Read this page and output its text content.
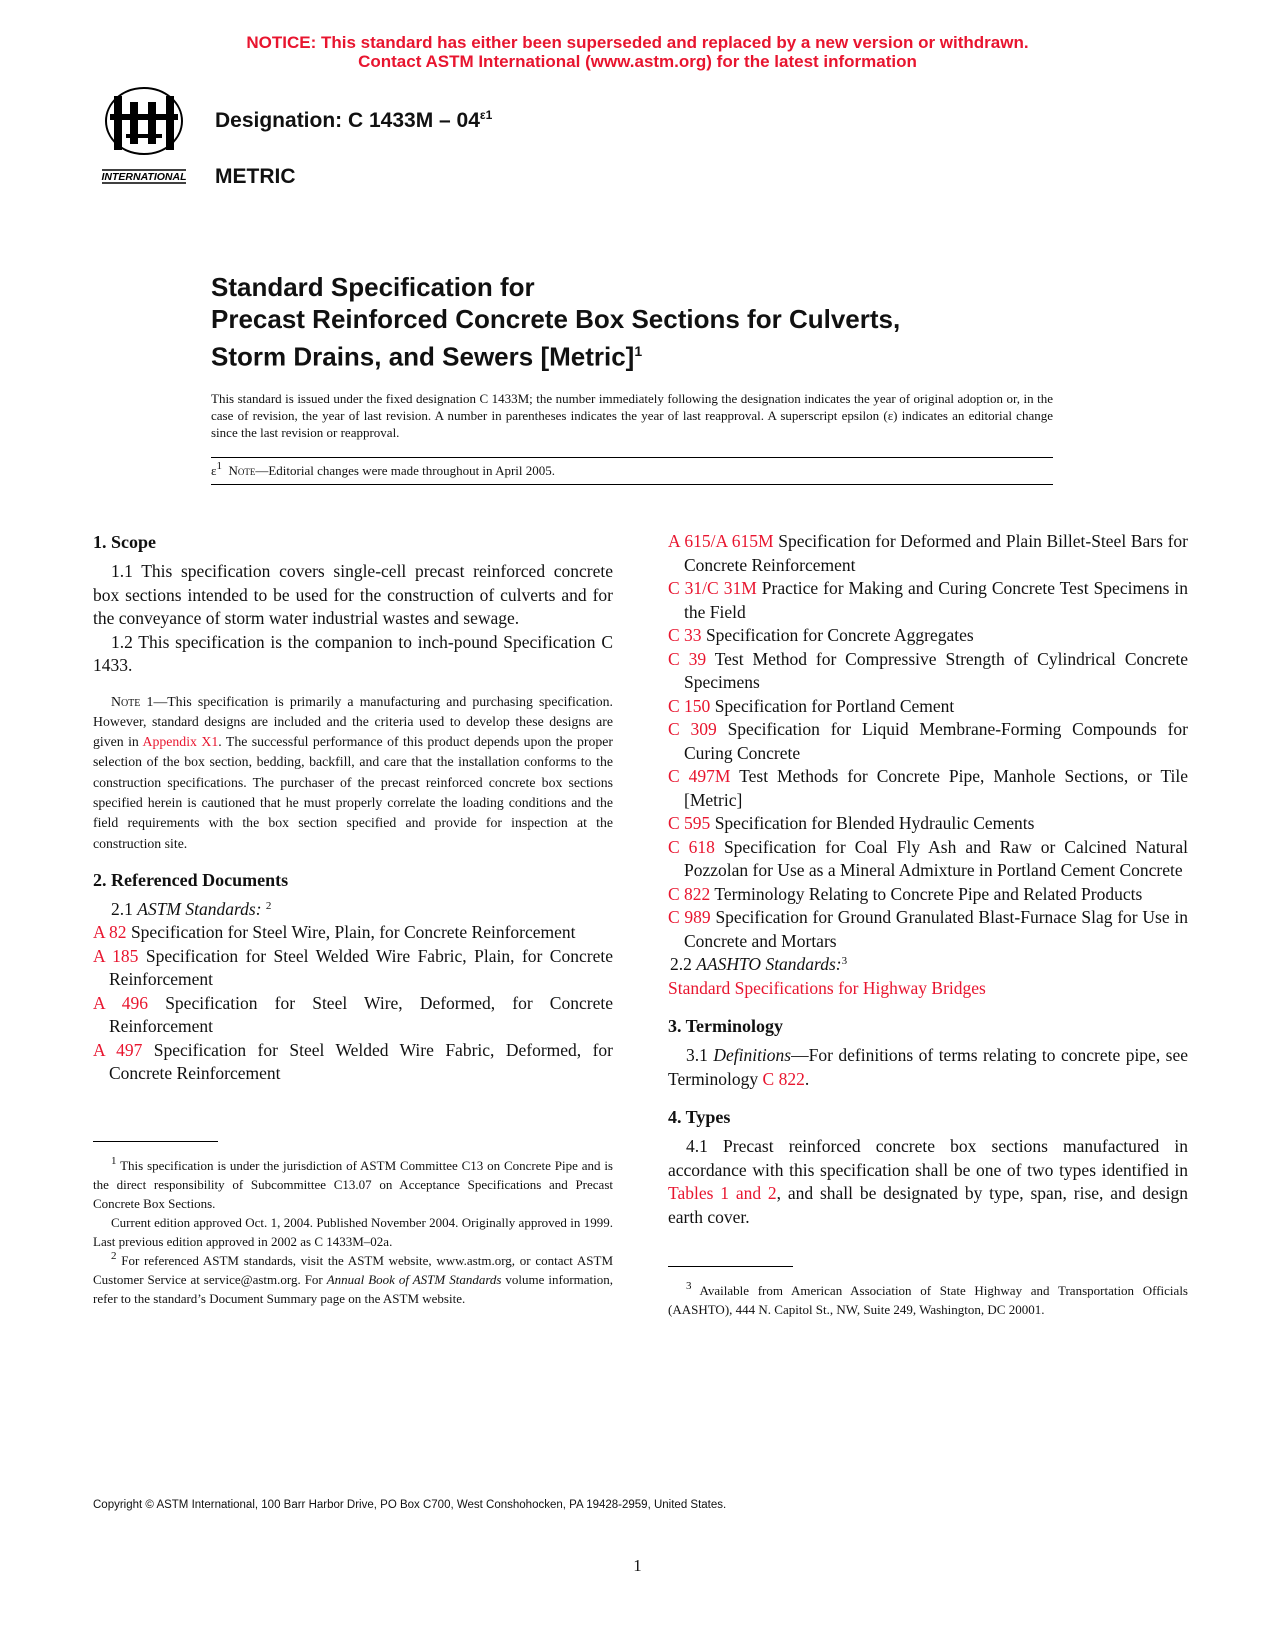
NOTICE: This standard has either been superseded and replaced by a new version or withdrawn.
Contact ASTM International (www.astm.org) for the latest information
INTERNATIONAL
Designation: C $1433M - 04^{\varepsilon 1}$
METRIC
Standard Specification for
Precast Reinforced Concrete Box Sections for Culverts,
Storm Drains, and Sewers [Metric]$^1$
This standard is issued under the fixed designation C 1433M; the number immediately following the designation indicates the year of original adoption or, in the case of revision, the year of last revision. A number in parentheses indicates the year of last reapproval. A superscript epsilon (ε) indicates an editorial change since the last revision or reapproval.
$\varepsilon^1$ Note—Editorial changes were made throughout in April 2005.
1. Scope

1.1 This specification covers single-cell precast reinforced concrete box sections intended to be used for the construction of culverts and for the conveyance of storm water industrial wastes and sewage.

1.2 This specification is the companion to inch-pound Specification C 1433.

Note 1—This specification is primarily a manufacturing and purchasing specification. However, standard designs are included and the criteria used to develop these designs are given in Appendix X1. The successful performance of this product depends upon the proper selection of the box section, bedding, backfill, and care that the installation conforms to the construction specifications. The purchaser of the precast reinforced concrete box sections specified herein is cautioned that he must properly correlate the loading conditions and the field requirements with the box section specified and provide for inspection at the construction site.

2. Referenced Documents

2.1 ASTM Standards: $^2$

A 82 Specification for Steel Wire, Plain, for Concrete Reinforcement

A 185 Specification for Steel Welded Wire Fabric, Plain, for Concrete Reinforcement

A 496 Specification for Steel Wire, Deformed, for Concrete Reinforcement

A 497 Specification for Steel Welded Wire Fabric, Deformed, for Concrete Reinforcement

$^1$ This specification is under the jurisdiction of ASTM Committee C13 on Concrete Pipe and is the direct responsibility of Subcommittee C13.07 on Acceptance Specifications and Precast Concrete Box Sections.

Current edition approved Oct. 1, 2004. Published November 2004. Originally approved in 1999. Last previous edition approved in 2002 as C 1433M–02a.

$^2$ For referenced ASTM standards, visit the ASTM website, www.astm.org, or contact ASTM Customer Service at service@astm.org. For Annual Book of ASTM Standards volume information, refer to the standard’s Document Summary page on the ASTM website.

A 615/A 615M Specification for Deformed and Plain Billet-Steel Bars for Concrete Reinforcement

C 31/C 31M Practice for Making and Curing Concrete Test Specimens in the Field

C 33 Specification for Concrete Aggregates

C 39 Test Method for Compressive Strength of Cylindrical Concrete Specimens

C 150 Specification for Portland Cement

C 309 Specification for Liquid Membrane-Forming Compounds for Curing Concrete

C 497M Test Methods for Concrete Pipe, Manhole Sections, or Tile [Metric]

C 595 Specification for Blended Hydraulic Cements

C 618 Specification for Coal Fly Ash and Raw or Calcined Natural Pozzolan for Use as a Mineral Admixture in Portland Cement Concrete

C 822 Terminology Relating to Concrete Pipe and Related Products

C 989 Specification for Ground Granulated Blast-Furnace Slag for Use in Concrete and Mortars

2.2 AASHTO Standards:$^3$

Standard Specifications for Highway Bridges

3. Terminology

3.1 Definitions—For definitions of terms relating to concrete pipe, see Terminology C 822.

4. Types

4.1 Precast reinforced concrete box sections manufactured in accordance with this specification shall be one of two types identified in Tables 1 and 2, and shall be designated by type, span, rise, and design earth cover.

$^3$ Available from American Association of State Highway and Transportation Officials (AASHTO), 444 N. Capitol St., NW, Suite 249, Washington, DC 20001.

Copyright © ASTM International, 100 Barr Harbor Drive, PO Box C700, West Conshohocken, PA 19428-2959, United States.
1
